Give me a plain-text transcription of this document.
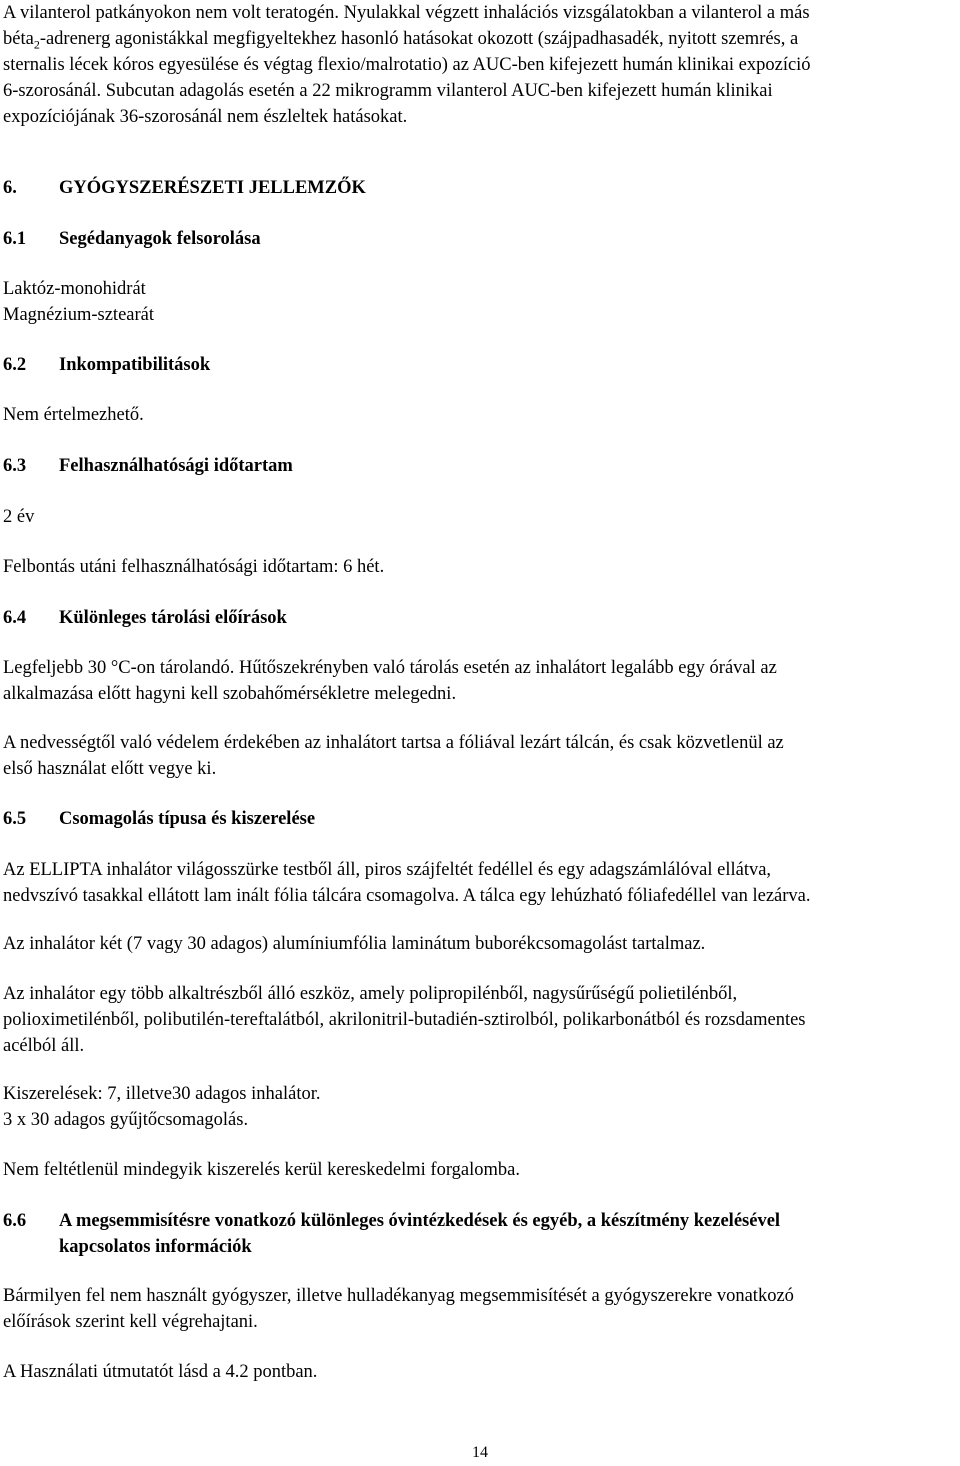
A vilanterol patkányokon nem volt teratogén. Nyulakkal végzett inhalációs vizsgálatokban a vilanterol a más
béta$_2$-adrenerg agonistákkal megfigyeltekhez hasonló hatásokat okozott (szájpadhasadék, nyitott szemrés, a
sternalis lécek kóros egyesülése és végtag flexio/malrotatio) az AUC-ben kifejezett humán klinikai expozíció
6-szorosánál. Subcutan adagolás esetén a 22 mikrogramm vilanterol AUC-ben kifejezett humán klinikai
expozíciójának 36-szorosánál nem észleltek hatásokat.
6.	GYÓGYSZERÉSZETI JELLEMZŐK
6.1	Segédanyagok felsorolása
Laktóz-monohidrát
Magnézium-sztearát
6.2	Inkompatibilitások
Nem értelmezhető.
6.3	Felhasználhatósági időtartam
2 év
Felbontás utáni felhasználhatósági időtartam: 6 hét.
6.4	Különleges tárolási előírások
Legfeljebb 30 °C-on tárolandó. Hűtőszekrényben való tárolás esetén az inhalátort legalább egy órával az
alkalmazása előtt hagyni kell szobahőmérsékletre melegedni.
A nedvességtől való védelem érdekében az inhalátort tartsa a fóliával lezárt tálcán, és csak közvetlenül az
első használat előtt vegye ki.
6.5	Csomagolás típusa és kiszerelése
Az ELLIPTA inhalátor világosszürke testből áll, piros szájfeltét fedéllel és egy adagszámlálóval ellátva,
nedvszívó tasakkal ellátott lam inált fólia tálcára csomagolva. A tálca egy lehúzható fóliafedéllel van lezárva.
Az inhalátor két (7 vagy 30 adagos) alumíniumfólia laminátum buborékcsomagolást tartalmaz.
Az inhalátor egy több alkaltrészből álló eszköz, amely polipropilénből, nagysűrűségű polietilénből,
polioximetilénből, polibutilén-tereftalátból, akrilonitril-butadién-sztirolból, polikarbonátból és rozsdamentes
acélból áll.
Kiszerelések: 7, illetve30 adagos inhalátor.
3 x 30 adagos gyűjtőcsomagolás.
Nem feltétlenül mindegyik kiszerelés kerül kereskedelmi forgalomba.
6.6	A megsemmisítésre vonatkozó különleges óvintézkedések és egyéb, a készítmény kezelésével
kapcsolatos információk
Bármilyen fel nem használt gyógyszer, illetve hulladékanyag megsemmisítését a gyógyszerekre vonatkozó
előírások szerint kell végrehajtani.
A Használati útmutatót lásd a 4.2 pontban.
14
